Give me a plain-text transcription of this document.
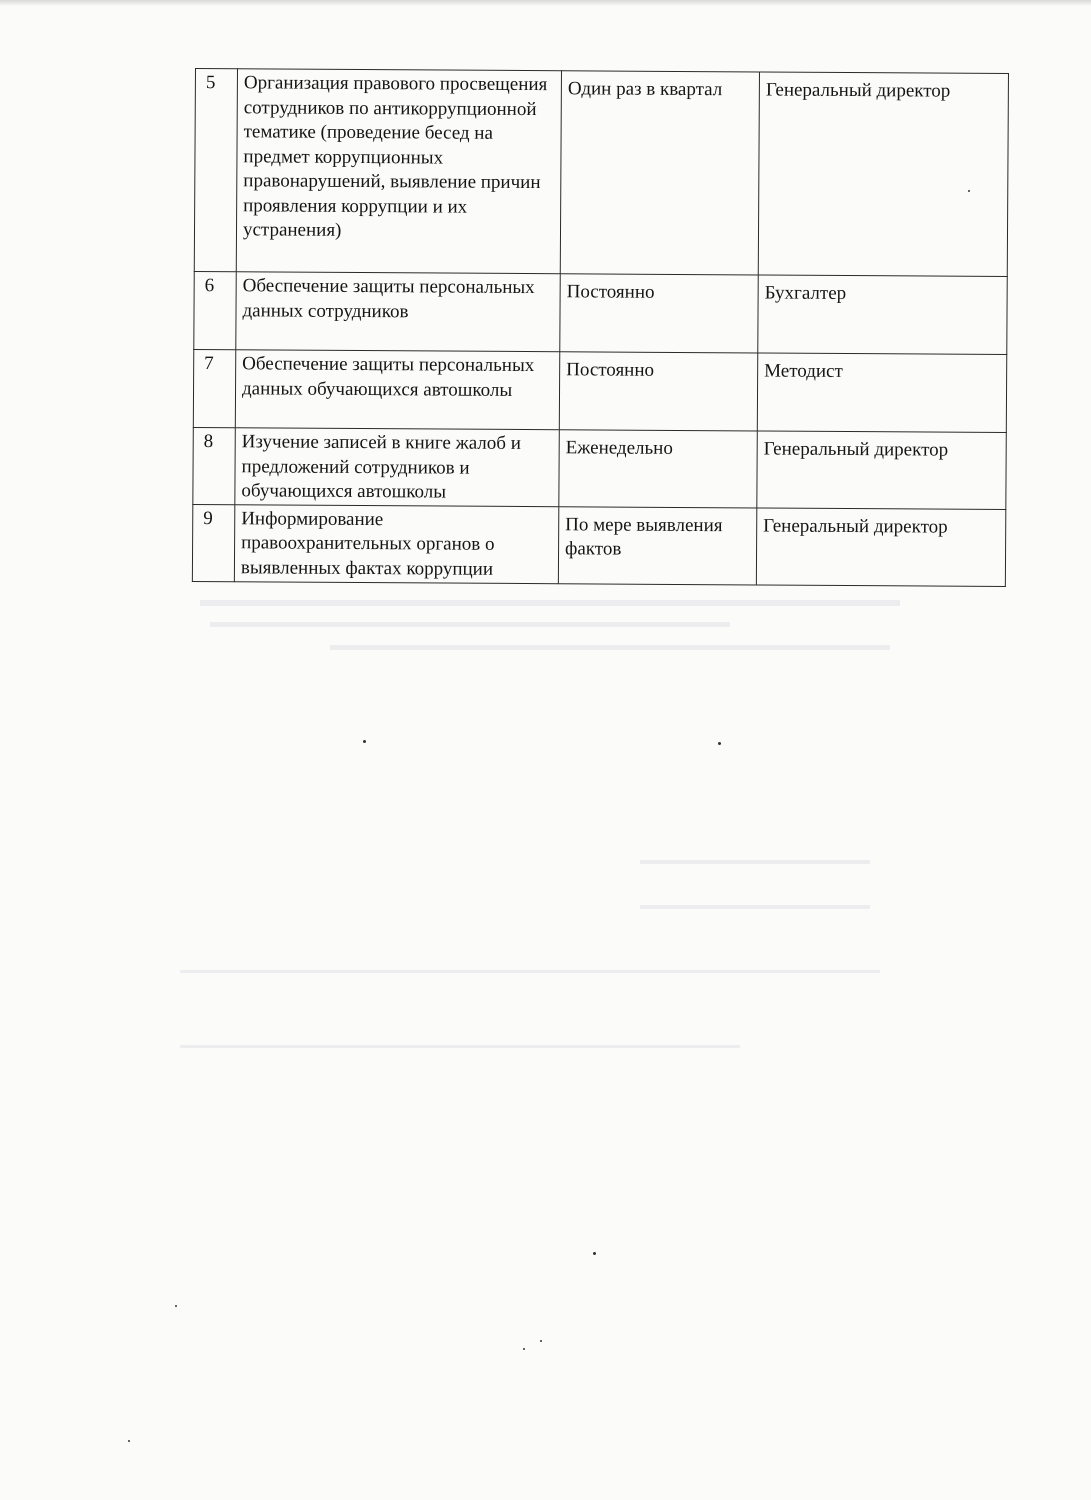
5	Организация правового просвещения сотрудников по антикоррупционной тематике (проведение бесед на предмет коррупционных правонарушений, выявление причин проявления коррупции и их устранения)	Один раз в квартал	Генеральный директор
6	Обеспечение защиты персональных данных сотрудников	Постоянно	Бухгалтер
7	Обеспечение защиты персональных данных обучающихся автошколы	Постоянно	Методист
8	Изучение записей в книге жалоб и предложений сотрудников и обучающихся автошколы	Еженедельно	Генеральный директор
9	Информирование правоохранительных органов о выявленных фактах коррупции	По мере выявления фактов	Генеральный директор
